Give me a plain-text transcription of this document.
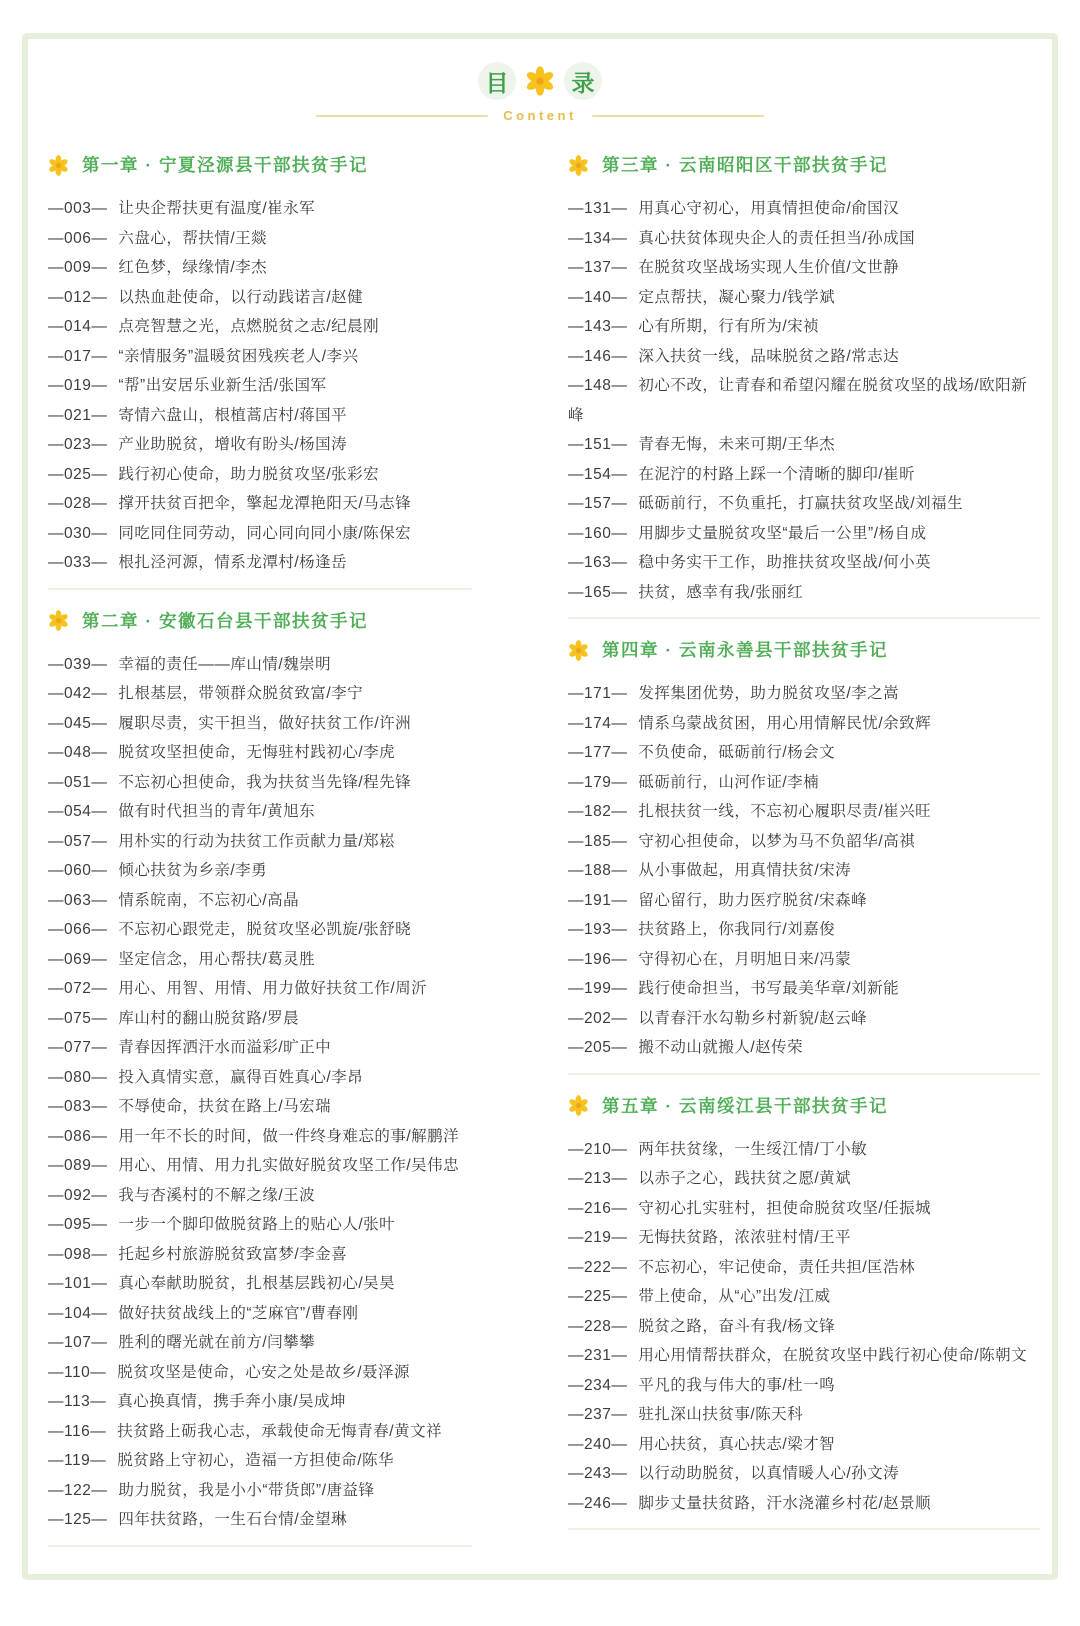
目	录
Content
第一章 · 宁夏泾源县干部扶贫手记
—003— 让央企帮扶更有温度/崔永军
—006— 六盘心，帮扶情/王燚
—009— 红色梦，绿缘情/李杰
—012— 以热血赴使命，以行动践诺言/赵健
—014— 点亮智慧之光，点燃脱贫之志/纪晨刚
—017— “亲情服务”温暖贫困残疾老人/李兴
—019— “帮”出安居乐业新生活/张国军
—021— 寄情六盘山，根植蒿店村/蒋国平
—023— 产业助脱贫，增收有盼头/杨国涛
—025— 践行初心使命，助力脱贫攻坚/张彩宏
—028— 撑开扶贫百把伞，擎起龙潭艳阳天/马志锋
—030— 同吃同住同劳动，同心同向同小康/陈保宏
—033— 根扎泾河源，情系龙潭村/杨逢岳
第二章 · 安徽石台县干部扶贫手记
—039— 幸福的责任——库山情/魏崇明
—042— 扎根基层，带领群众脱贫致富/李宁
—045— 履职尽责，实干担当，做好扶贫工作/许洲
—048— 脱贫攻坚担使命，无悔驻村践初心/李虎
—051— 不忘初心担使命，我为扶贫当先锋/程先锋
—054— 做有时代担当的青年/黄旭东
—057— 用朴实的行动为扶贫工作贡献力量/郑崧
—060— 倾心扶贫为乡亲/李勇
—063— 情系皖南，不忘初心/高晶
—066— 不忘初心跟党走，脱贫攻坚必凯旋/张舒晓
—069— 坚定信念，用心帮扶/葛灵胜
—072— 用心、用智、用情、用力做好扶贫工作/周沂
—075— 库山村的翻山脱贫路/罗晨
—077— 青春因挥洒汗水而溢彩/旷正中
—080— 投入真情实意，赢得百姓真心/李昂
—083— 不辱使命，扶贫在路上/马宏瑞
—086— 用一年不长的时间，做一件终身难忘的事/解鹏洋
—089— 用心、用情、用力扎实做好脱贫攻坚工作/吴伟忠
—092— 我与杏溪村的不解之缘/王波
—095— 一步一个脚印做脱贫路上的贴心人/张叶
—098— 托起乡村旅游脱贫致富梦/李金喜
—101— 真心奉献助脱贫，扎根基层践初心/吴昊
—104— 做好扶贫战线上的“芝麻官”/曹春刚
—107— 胜利的曙光就在前方/闫攀攀
—110— 脱贫攻坚是使命，心安之处是故乡/聂泽源
—113— 真心换真情，携手奔小康/吴成坤
—116— 扶贫路上砺我心志，承载使命无悔青春/黄文祥
—119— 脱贫路上守初心，造福一方担使命/陈华
—122— 助力脱贫，我是小小“带货郎”/唐益锋
—125— 四年扶贫路，一生石台情/金望琳
第三章 · 云南昭阳区干部扶贫手记
—131— 用真心守初心，用真情担使命/俞国汉
—134— 真心扶贫体现央企人的责任担当/孙成国
—137— 在脱贫攻坚战场实现人生价值/文世静
—140— 定点帮扶，凝心聚力/钱学斌
—143— 心有所期，行有所为/宋祯
—146— 深入扶贫一线，品味脱贫之路/常志达
—148— 初心不改，让青春和希望闪耀在脱贫攻坚的战场/欧阳新峰
—151— 青春无悔，未来可期/王华杰
—154— 在泥泞的村路上踩一个清晰的脚印/崔昕
—157— 砥砺前行，不负重托，打赢扶贫攻坚战/刘福生
—160— 用脚步丈量脱贫攻坚“最后一公里”/杨自成
—163— 稳中务实干工作，助推扶贫攻坚战/何小英
—165— 扶贫，感幸有我/张丽红
第四章 · 云南永善县干部扶贫手记
—171— 发挥集团优势，助力脱贫攻坚/李之嵩
—174— 情系乌蒙战贫困，用心用情解民忧/余致辉
—177— 不负使命，砥砺前行/杨会文
—179— 砥砺前行，山河作证/李楠
—182— 扎根扶贫一线，不忘初心履职尽责/崔兴旺
—185— 守初心担使命，以梦为马不负韶华/高祺
—188— 从小事做起，用真情扶贫/宋涛
—191— 留心留行，助力医疗脱贫/宋森峰
—193— 扶贫路上，你我同行/刘嘉俊
—196— 守得初心在，月明旭日来/冯蒙
—199— 践行使命担当，书写最美华章/刘新能
—202— 以青春汗水勾勒乡村新貌/赵云峰
—205— 搬不动山就搬人/赵传荣
第五章 · 云南绥江县干部扶贫手记
—210— 两年扶贫缘，一生绥江情/丁小敏
—213— 以赤子之心，践扶贫之愿/黄斌
—216— 守初心扎实驻村，担使命脱贫攻坚/任振城
—219— 无悔扶贫路，浓浓驻村情/王平
—222— 不忘初心，牢记使命，责任共担/匡浩林
—225— 带上使命，从“心”出发/江威
—228— 脱贫之路，奋斗有我/杨文锋
—231— 用心用情帮扶群众，在脱贫攻坚中践行初心使命/陈朝文
—234— 平凡的我与伟大的事/杜一鸣
—237— 驻扎深山扶贫事/陈天科
—240— 用心扶贫，真心扶志/梁才智
—243— 以行动助脱贫，以真情暖人心/孙文涛
—246— 脚步丈量扶贫路，汗水浇灌乡村花/赵景顺
